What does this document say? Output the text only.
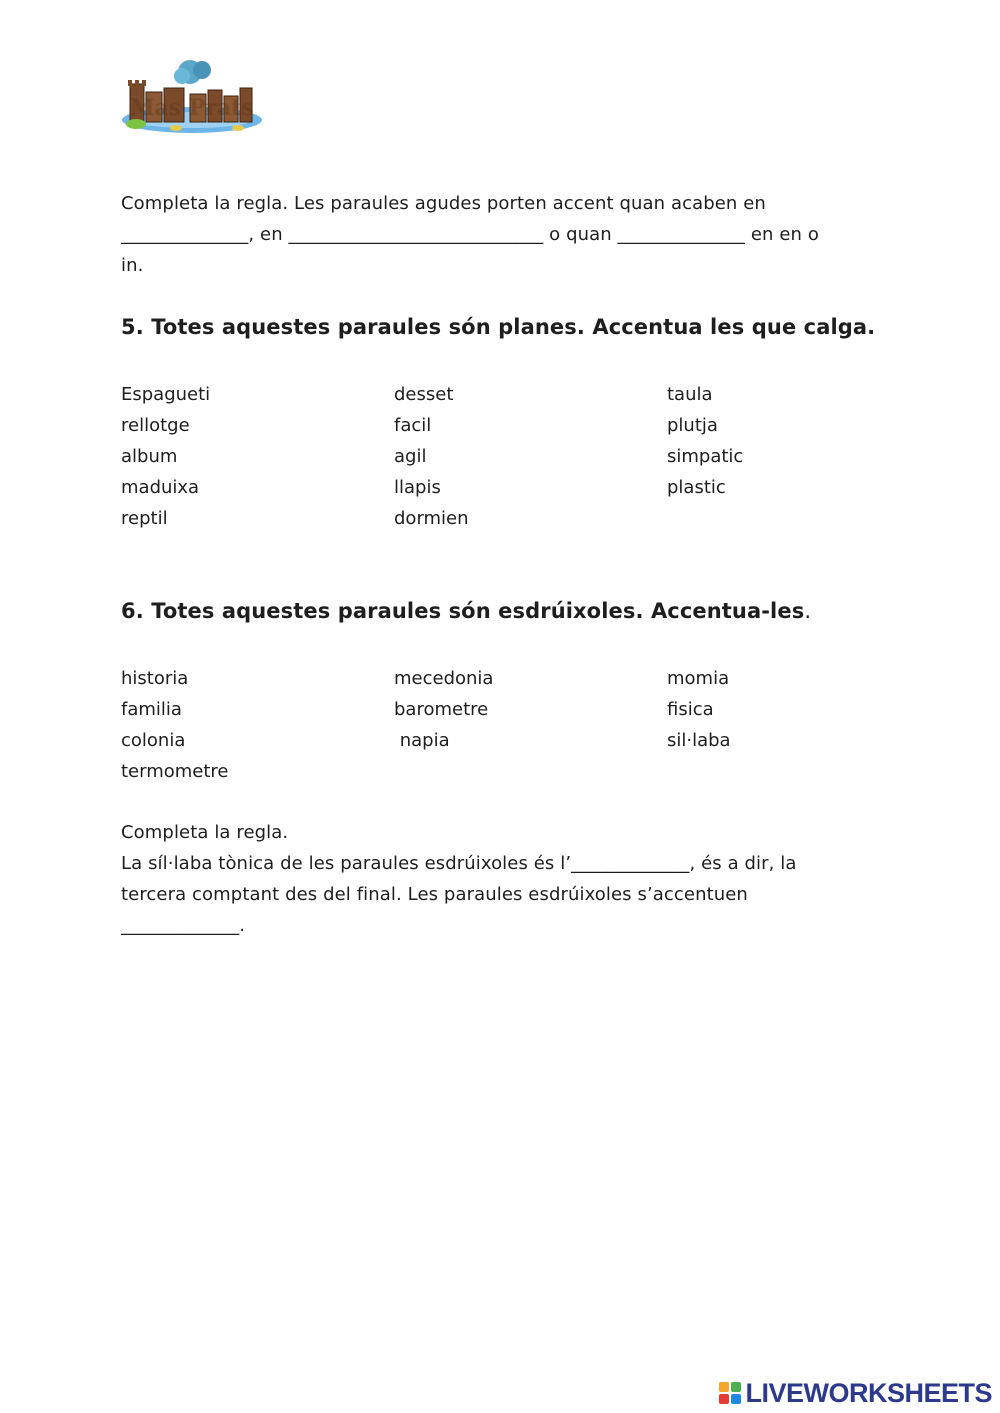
Mas Prats
Completa la regla. Les paraules agudes porten accent quan acaben en
______________, en ____________________________ o quan ______________ en en o
in.
5. Totes aquestes paraules són planes. Accentua les que calga.
Espagueti
rellotge
album
maduixa
reptil
desset
facil
agil
llapis
dormien
taula
plutja
simpatic
plastic
6. Totes aquestes paraules són esdrúixoles. Accentua-les.
historia
familia
colonia
termometre
mecedonia
barometre
napia
momia
fisica
sil·laba
Completa la regla.
La síl·laba tònica de les paraules esdrúixoles és l’_____________, és a dir, la
tercera comptant des del final. Les paraules esdrúixoles s’accentuen
_____________.
LIVEWORKSHEETS
